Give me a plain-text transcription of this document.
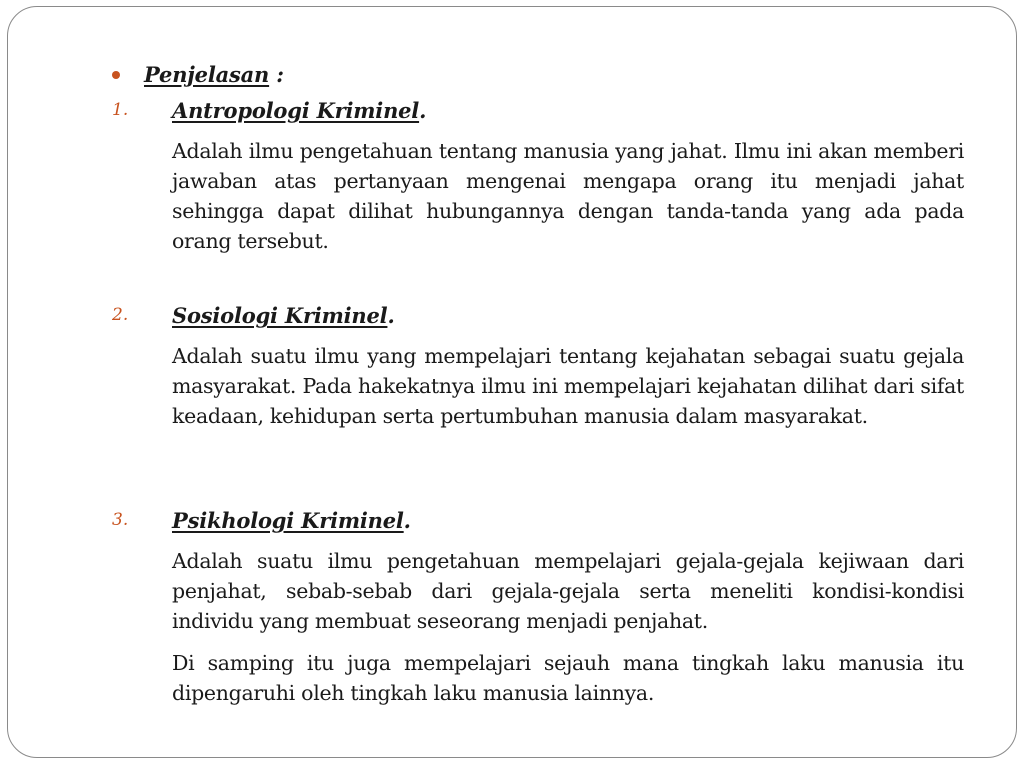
Penjelasan :
1. Antropologi Kriminel.
Adalah ilmu pengetahuan tentang manusia yang jahat. Ilmu ini akan memberi jawaban atas pertanyaan mengenai mengapa orang itu menjadi jahat sehingga dapat dilihat hubungannya dengan tanda-tanda yang ada pada orang tersebut.
2. Sosiologi Kriminel.
Adalah suatu ilmu yang mempelajari tentang kejahatan sebagai suatu gejala masyarakat. Pada hakekatnya ilmu ini mempelajari kejahatan dilihat dari sifat keadaan, kehidupan serta pertumbuhan manusia dalam masyarakat.
3. Psikhologi Kriminel.
Adalah suatu ilmu pengetahuan mempelajari gejala-gejala kejiwaan dari penjahat, sebab-sebab dari gejala-gejala serta meneliti kondisi-kondisi individu yang membuat seseorang menjadi penjahat.
Di samping itu juga mempelajari sejauh mana tingkah laku manusia itu dipengaruhi oleh tingkah laku manusia lainnya.
